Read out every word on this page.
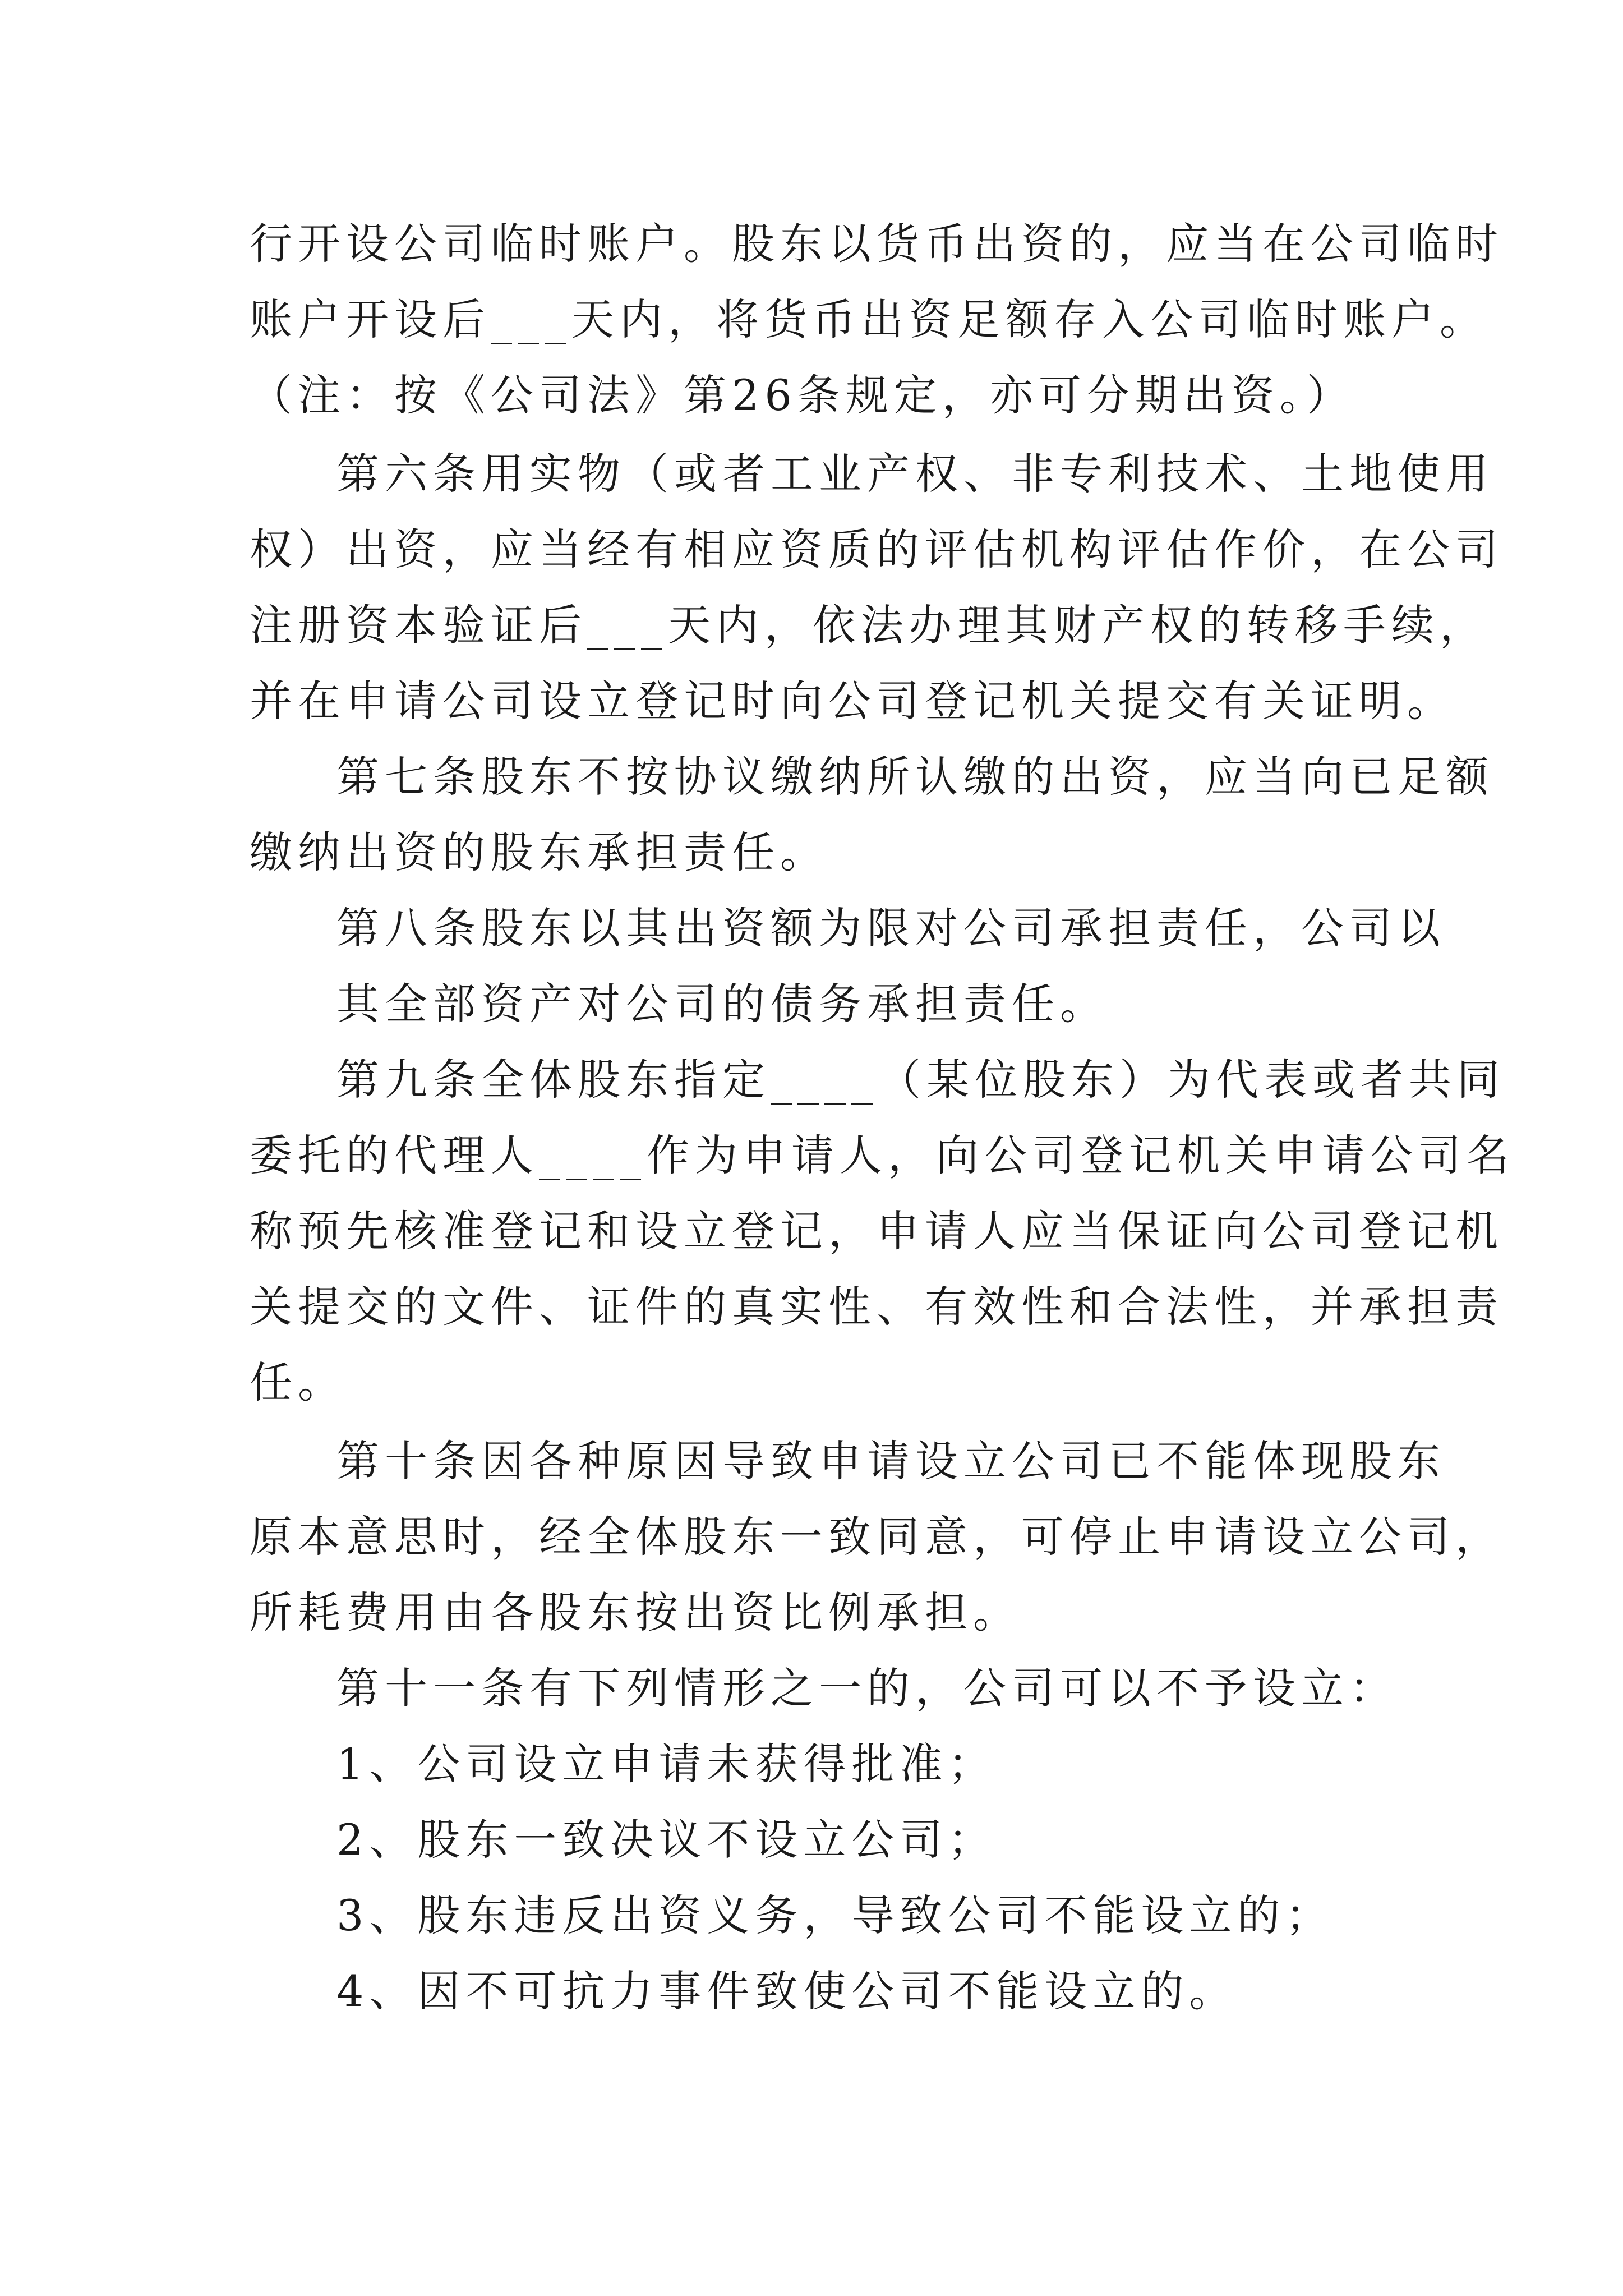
行开设公司临时账户。股东以货币出资的，应当在公司临时
账户开设后___天内，将货币出资足额存入公司临时账户。
（注：按《公司法》第26条规定，亦可分期出资。）
第六条用实物（或者工业产权、非专利技术、土地使用
权）出资，应当经有相应资质的评估机构评估作价，在公司
注册资本验证后___天内，依法办理其财产权的转移手续，
并在申请公司设立登记时向公司登记机关提交有关证明。
第七条股东不按协议缴纳所认缴的出资，应当向已足额
缴纳出资的股东承担责任。
第八条股东以其出资额为限对公司承担责任，公司以
其全部资产对公司的债务承担责任。
第九条全体股东指定____（某位股东）为代表或者共同
委托的代理人____作为申请人，向公司登记机关申请公司名
称预先核准登记和设立登记，申请人应当保证向公司登记机
关提交的文件、证件的真实性、有效性和合法性，并承担责
任。
第十条因各种原因导致申请设立公司已不能体现股东
原本意思时，经全体股东一致同意，可停止申请设立公司，
所耗费用由各股东按出资比例承担。
第十一条有下列情形之一的，公司可以不予设立：
1、公司设立申请未获得批准；
2、股东一致决议不设立公司；
3、股东违反出资义务，导致公司不能设立的；
4、因不可抗力事件致使公司不能设立的。
